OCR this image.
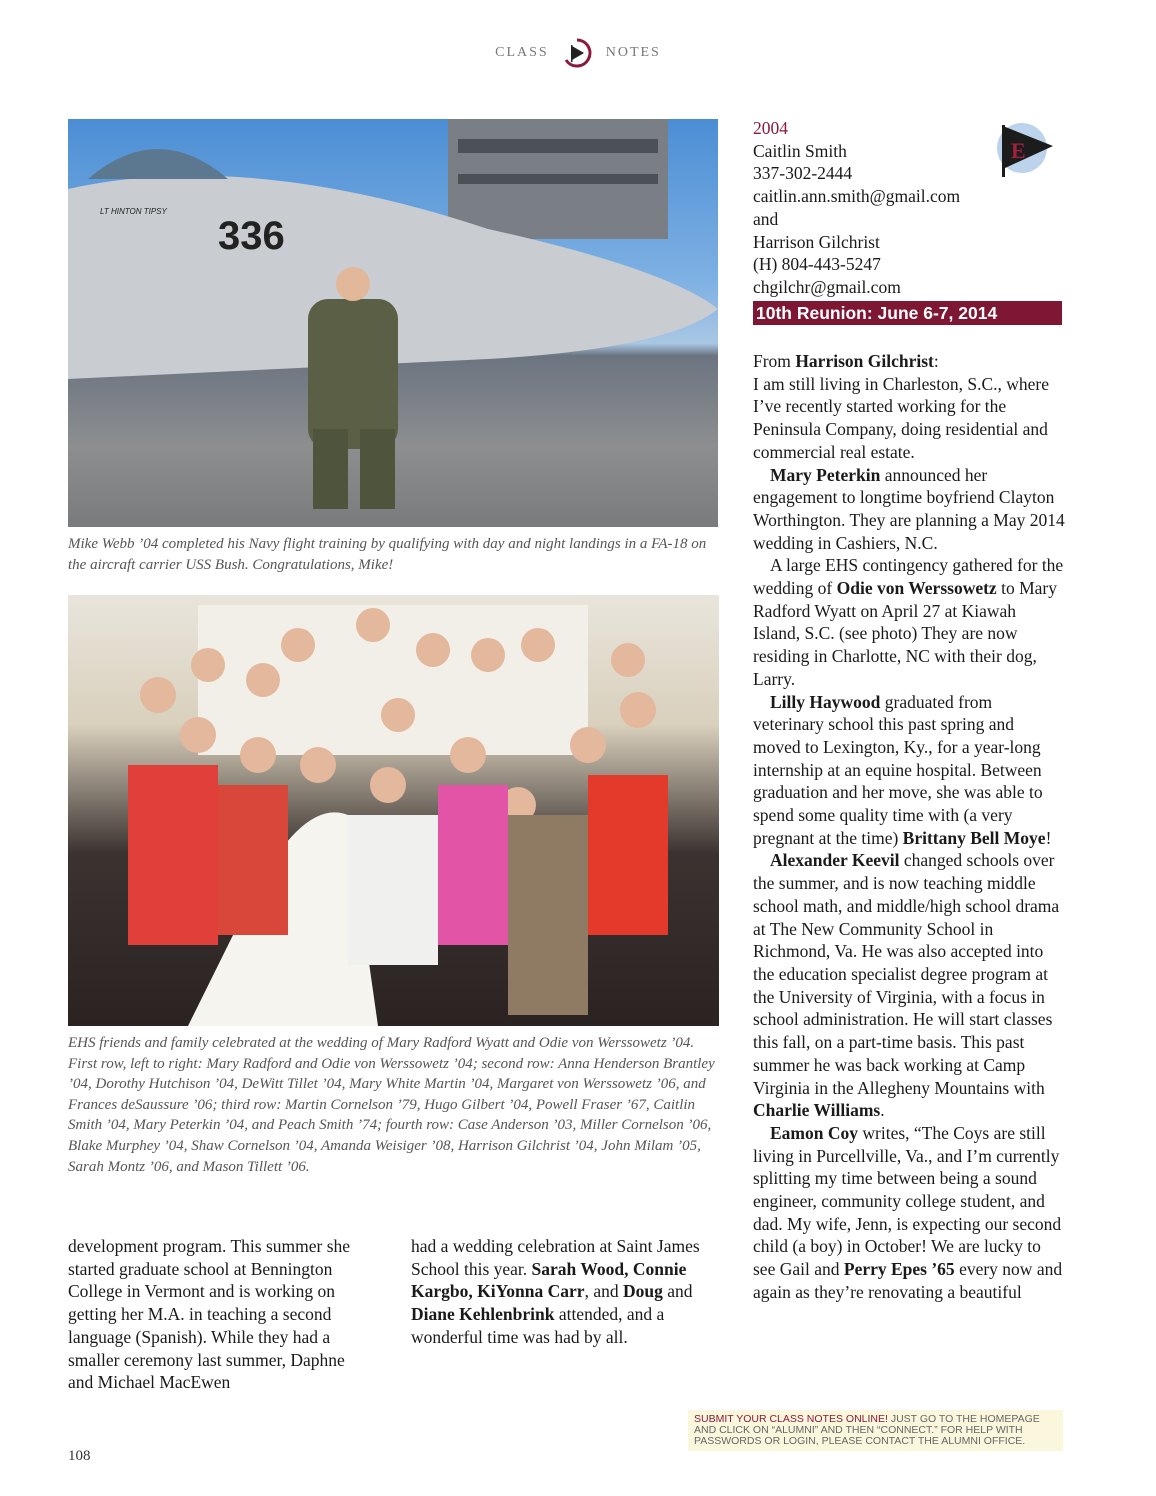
CLASS	NOTES
LT HINTON TIPSY
336
Mike Webb ’04 completed his Navy flight training by qualifying with day and night landings in a FA-18 on the aircraft carrier USS Bush. Congratulations, Mike!
EHS friends and family celebrated at the wedding of Mary Radford Wyatt and Odie von Werssowetz ’04. First row, left to right: Mary Radford and Odie von Werssowetz ’04; second row: Anna Henderson Brantley ’04, Dorothy Hutchison ’04, DeWitt Tillet ’04, Mary White Martin ’04, Margaret von Werssowetz ’06, and Frances deSaussure ’06; third row: Martin Cornelson ’79, Hugo Gilbert ’04, Powell Fraser ’67, Caitlin Smith ’04, Mary Peterkin ’04, and Peach Smith ’74; fourth row: Case Anderson ’03, Miller Cornelson ’06, Blake Murphey ’04, Shaw Cornelson ’04, Amanda Weisiger ’08, Harrison Gilchrist ’04, John Milam ’05, Sarah Montz ’06, and Mason Tillett ’06.

development program. This summer she started graduate school at Bennington College in Vermont and is working on getting her M.A. in teaching a second language (Spanish). While they had a smaller ceremony last summer, Daphne and Michael MacEwen

had a wedding celebration at Saint James School this year. Sarah Wood, Connie Kargbo, KiYonna Carr, and Doug and Diane Kehlenbrink attended, and a wonderful time was had by all.

2004
Caitlin Smith
337-302-2444
caitlin.ann.smith@gmail.com
and
Harrison Gilchrist
(H) 804-443-5247
chgilchr@gmail.com
10th Reunion: June 6-7, 2014
E

From Harrison Gilchrist:

I am still living in Charleston, S.C., where I’ve recently started working for the Peninsula Company, doing residential and commercial real estate.

Mary Peterkin announced her engagement to longtime boyfriend Clayton Worthington. They are planning a May 2014 wedding in Cashiers, N.C.

A large EHS contingency gathered for the wedding of Odie von Werssowetz to Mary Radford Wyatt on April 27 at Kiawah Island, S.C. (see photo) They are now residing in Charlotte, NC with their dog, Larry.

Lilly Haywood graduated from veterinary school this past spring and moved to Lexington, Ky., for a year-long internship at an equine hospital. Between graduation and her move, she was able to spend some quality time with (a very pregnant at the time) Brittany Bell Moye!

Alexander Keevil changed schools over the summer, and is now teaching middle school math, and middle/high school drama at The New Community School in Richmond, Va. He was also accepted into the education specialist degree program at the University of Virginia, with a focus in school administration. He will start classes this fall, on a part-time basis. This past summer he was back working at Camp Virginia in the Allegheny Mountains with Charlie Williams.

Eamon Coy writes, “The Coys are still living in Purcellville, Va., and I’m currently splitting my time between being a sound engineer, community college student, and dad. My wife, Jenn, is expecting our second child (a boy) in October! We are lucky to see Gail and Perry Epes ’65 every now and again as they’re renovating a beautiful

SUBMIT YOUR CLASS NOTES ONLINE! JUST GO TO THE HOMEPAGE AND CLICK ON “ALUMNI” AND THEN “CONNECT.” FOR HELP WITH PASSWORDS OR LOGIN, PLEASE CONTACT THE ALUMNI OFFICE.
108
